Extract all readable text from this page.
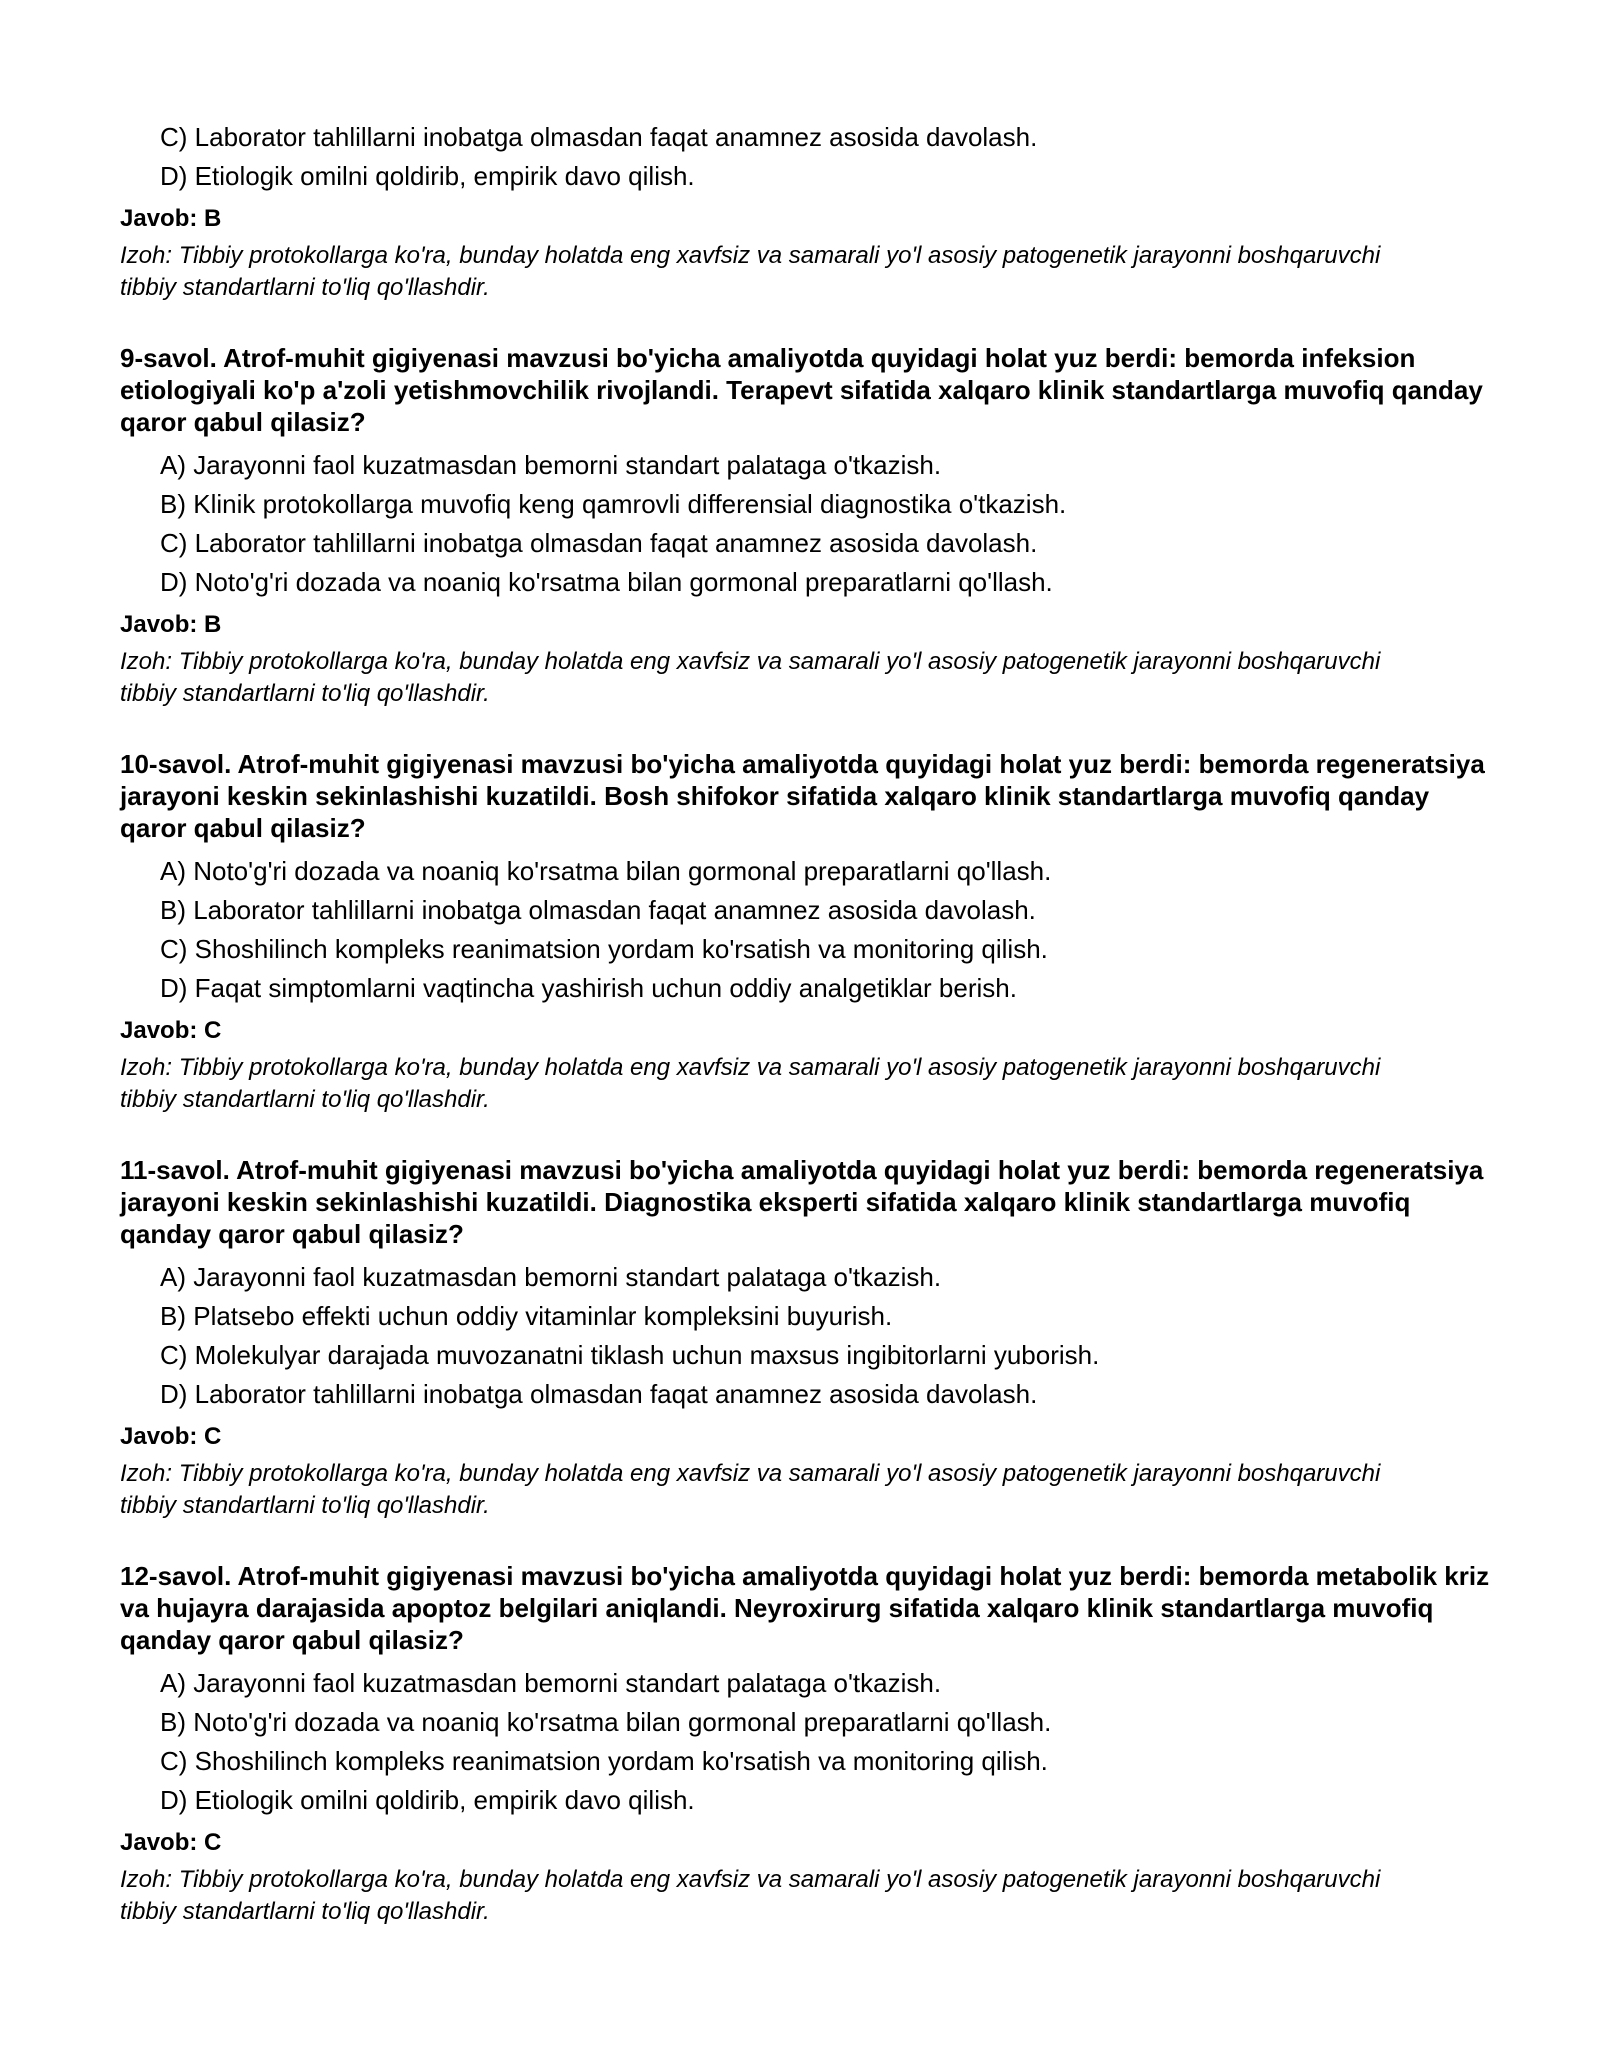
C) Laborator tahlillarni inobatga olmasdan faqat anamnez asosida davolash.
D) Etiologik omilni qoldirib, empirik davo qilish.
Javob: B
Izoh: Tibbiy protokollarga ko'ra, bunday holatda eng xavfsiz va samarali yo'l asosiy patogenetik jarayonni boshqaruvchi tibbiy standartlarni to'liq qo'llashdir.
9-savol. Atrof-muhit gigiyenasi mavzusi bo'yicha amaliyotda quyidagi holat yuz berdi: bemorda infeksion etiologiyali ko'p a'zoli yetishmovchilik rivojlandi. Terapevt sifatida xalqaro klinik standartlarga muvofiq qanday qaror qabul qilasiz?
A) Jarayonni faol kuzatmasdan bemorni standart palataga o'tkazish.
B) Klinik protokollarga muvofiq keng qamrovli differensial diagnostika o'tkazish.
C) Laborator tahlillarni inobatga olmasdan faqat anamnez asosida davolash.
D) Noto'g'ri dozada va noaniq ko'rsatma bilan gormonal preparatlarni qo'llash.
Javob: B
Izoh: Tibbiy protokollarga ko'ra, bunday holatda eng xavfsiz va samarali yo'l asosiy patogenetik jarayonni boshqaruvchi tibbiy standartlarni to'liq qo'llashdir.
10-savol. Atrof-muhit gigiyenasi mavzusi bo'yicha amaliyotda quyidagi holat yuz berdi: bemorda regeneratsiya jarayoni keskin sekinlashishi kuzatildi. Bosh shifokor sifatida xalqaro klinik standartlarga muvofiq qanday qaror qabul qilasiz?
A) Noto'g'ri dozada va noaniq ko'rsatma bilan gormonal preparatlarni qo'llash.
B) Laborator tahlillarni inobatga olmasdan faqat anamnez asosida davolash.
C) Shoshilinch kompleks reanimatsion yordam ko'rsatish va monitoring qilish.
D) Faqat simptomlarni vaqtincha yashirish uchun oddiy analgetiklar berish.
Javob: C
Izoh: Tibbiy protokollarga ko'ra, bunday holatda eng xavfsiz va samarali yo'l asosiy patogenetik jarayonni boshqaruvchi tibbiy standartlarni to'liq qo'llashdir.
11-savol. Atrof-muhit gigiyenasi mavzusi bo'yicha amaliyotda quyidagi holat yuz berdi: bemorda regeneratsiya jarayoni keskin sekinlashishi kuzatildi. Diagnostika eksperti sifatida xalqaro klinik standartlarga muvofiq qanday qaror qabul qilasiz?
A) Jarayonni faol kuzatmasdan bemorni standart palataga o'tkazish.
B) Platsebo effekti uchun oddiy vitaminlar kompleksini buyurish.
C) Molekulyar darajada muvozanatni tiklash uchun maxsus ingibitorlarni yuborish.
D) Laborator tahlillarni inobatga olmasdan faqat anamnez asosida davolash.
Javob: C
Izoh: Tibbiy protokollarga ko'ra, bunday holatda eng xavfsiz va samarali yo'l asosiy patogenetik jarayonni boshqaruvchi tibbiy standartlarni to'liq qo'llashdir.
12-savol. Atrof-muhit gigiyenasi mavzusi bo'yicha amaliyotda quyidagi holat yuz berdi: bemorda metabolik kriz va hujayra darajasida apoptoz belgilari aniqlandi. Neyroxirurg sifatida xalqaro klinik standartlarga muvofiq qanday qaror qabul qilasiz?
A) Jarayonni faol kuzatmasdan bemorni standart palataga o'tkazish.
B) Noto'g'ri dozada va noaniq ko'rsatma bilan gormonal preparatlarni qo'llash.
C) Shoshilinch kompleks reanimatsion yordam ko'rsatish va monitoring qilish.
D) Etiologik omilni qoldirib, empirik davo qilish.
Javob: C
Izoh: Tibbiy protokollarga ko'ra, bunday holatda eng xavfsiz va samarali yo'l asosiy patogenetik jarayonni boshqaruvchi tibbiy standartlarni to'liq qo'llashdir.
